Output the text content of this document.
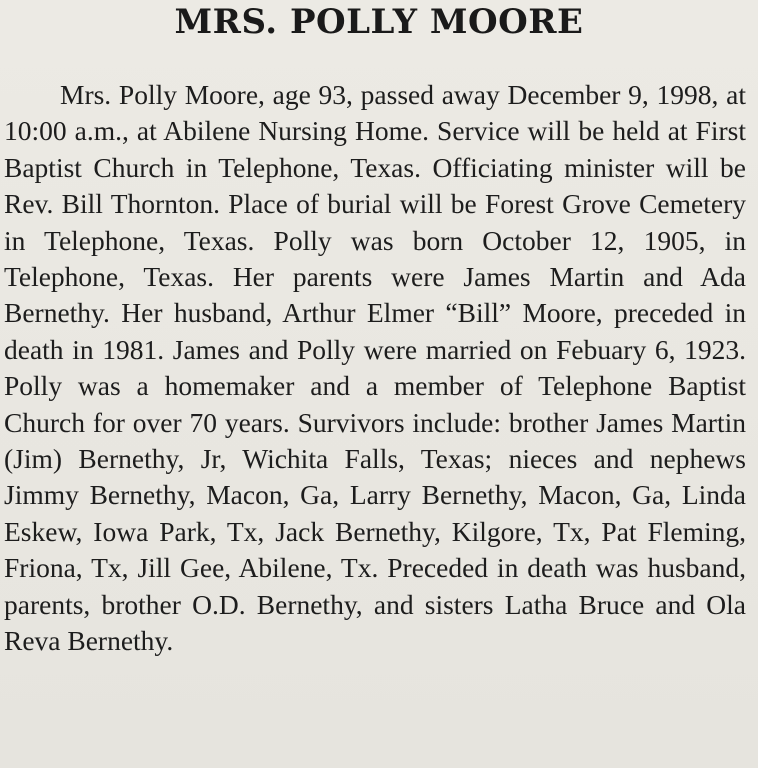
MRS. POLLY MOORE

Mrs. Polly Moore, age 93, passed away December 9, 1998, at 10:00 a.m., at Abilene Nursing Home. Service will be held at First Baptist Church in Telephone, Texas. Officiating minister will be Rev. Bill Thornton. Place of burial will be Forest Grove Cemetery in Telephone, Texas. Polly was born October 12, 1905, in Telephone, Texas. Her parents were James Martin and Ada Bernethy. Her husband, Arthur Elmer “Bill” Moore, preceded in death in 1981. James and Polly were married on Febuary 6, 1923. Polly was a homemaker and a member of Telephone Baptist Church for over 70 years. Survivors include: brother James Martin (Jim) Bernethy, Jr, Wichita Falls, Texas; nieces and nephews Jimmy Bernethy, Macon, Ga, Larry Bernethy, Macon, Ga, Linda Eskew, Iowa Park, Tx, Jack Bernethy, Kilgore, Tx, Pat Fleming, Friona, Tx, Jill Gee, Abilene, Tx. Preceded in death was husband, parents, brother O.D. Bernethy, and sisters Latha Bruce and Ola Reva Bernethy.
